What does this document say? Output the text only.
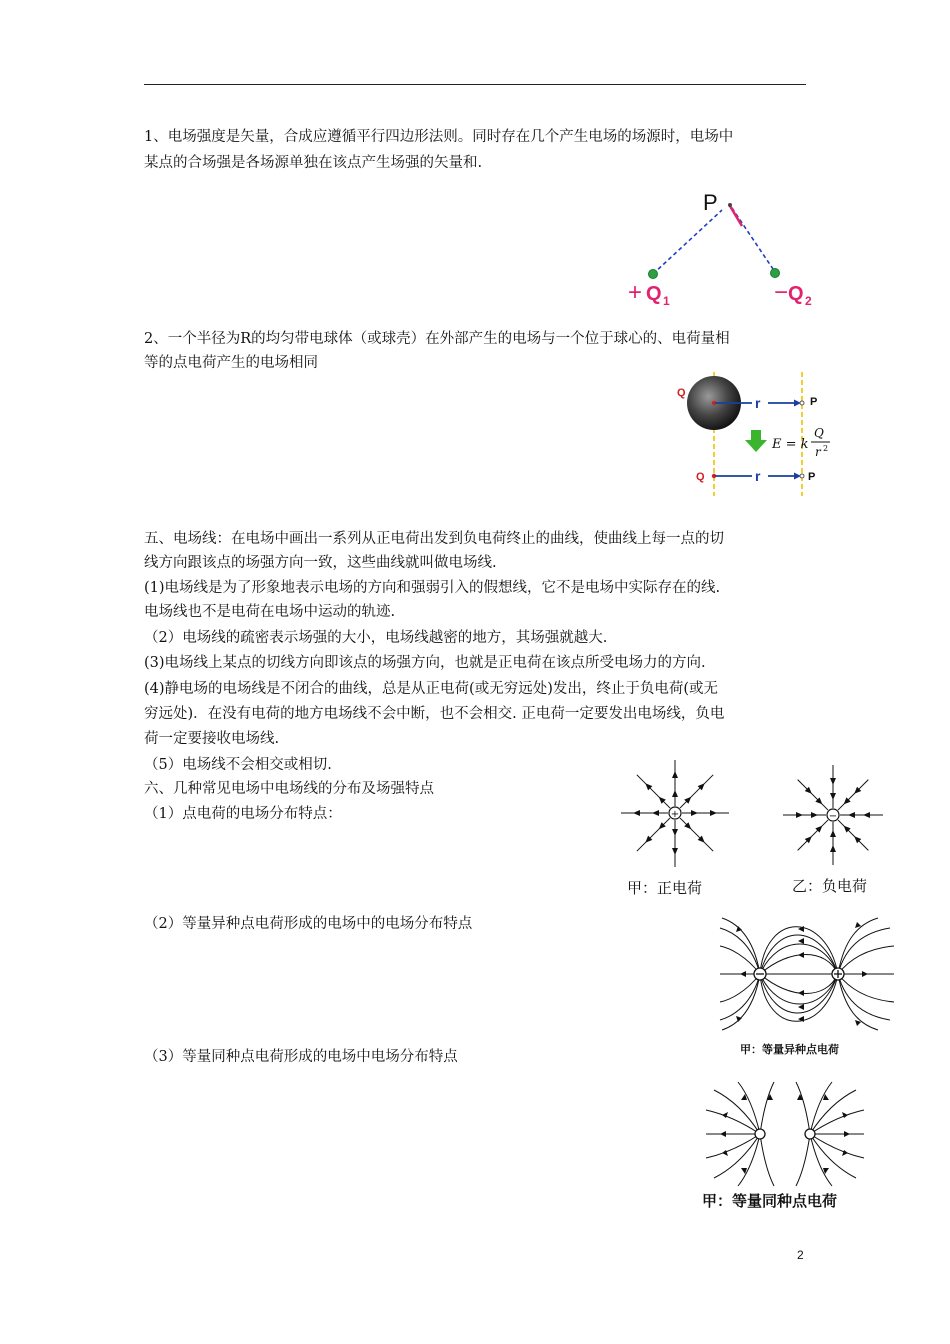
1、电场强度是矢量，合成应遵循平行四边形法则。同时存在几个产生电场的场源时，电场中
某点的合场强是各场源单独在该点产生场强的矢量和.
P
+ Q 1	− Q 2
2、一个半径为R的均匀带电球体（或球壳）在外部产生的电场与一个位于球心的、电荷量相
等的点电荷产生的电场相同
Q
r	P
E = k
Q
r 2
Q	r	P
五、电场线：在电场中画出一系列从正电荷出发到负电荷终止的曲线，使曲线上每一点的切
线方向跟该点的场强方向一致，这些曲线就叫做电场线.
(1)电场线是为了形象地表示电场的方向和强弱引入的假想线，它不是电场中实际存在的线.
电场线也不是电荷在电场中运动的轨迹.
（2）电场线的疏密表示场强的大小，电场线越密的地方，其场强就越大.
(3)电场线上某点的切线方向即该点的场强方向，也就是正电荷在该点所受电场力的方向.
(4)静电场的电场线是不闭合的曲线，总是从正电荷(或无穷远处)发出，终止于负电荷(或无
穷远处)．在没有电荷的地方电场线不会中断，也不会相交. 正电荷一定要发出电场线，负电
荷一定要接收电场线.
（5）电场线不会相交或相切.
六、几种常见电场中电场线的分布及场强特点
（1）点电荷的电场分布特点：	+	−
甲：正电荷	乙：负电荷
（2）等量异种点电荷形成的电场中的电场分布特点
甲：等量异种点电荷
（3）等量同种点电荷形成的电场中电场分布特点
甲：等量同种点电荷
2
